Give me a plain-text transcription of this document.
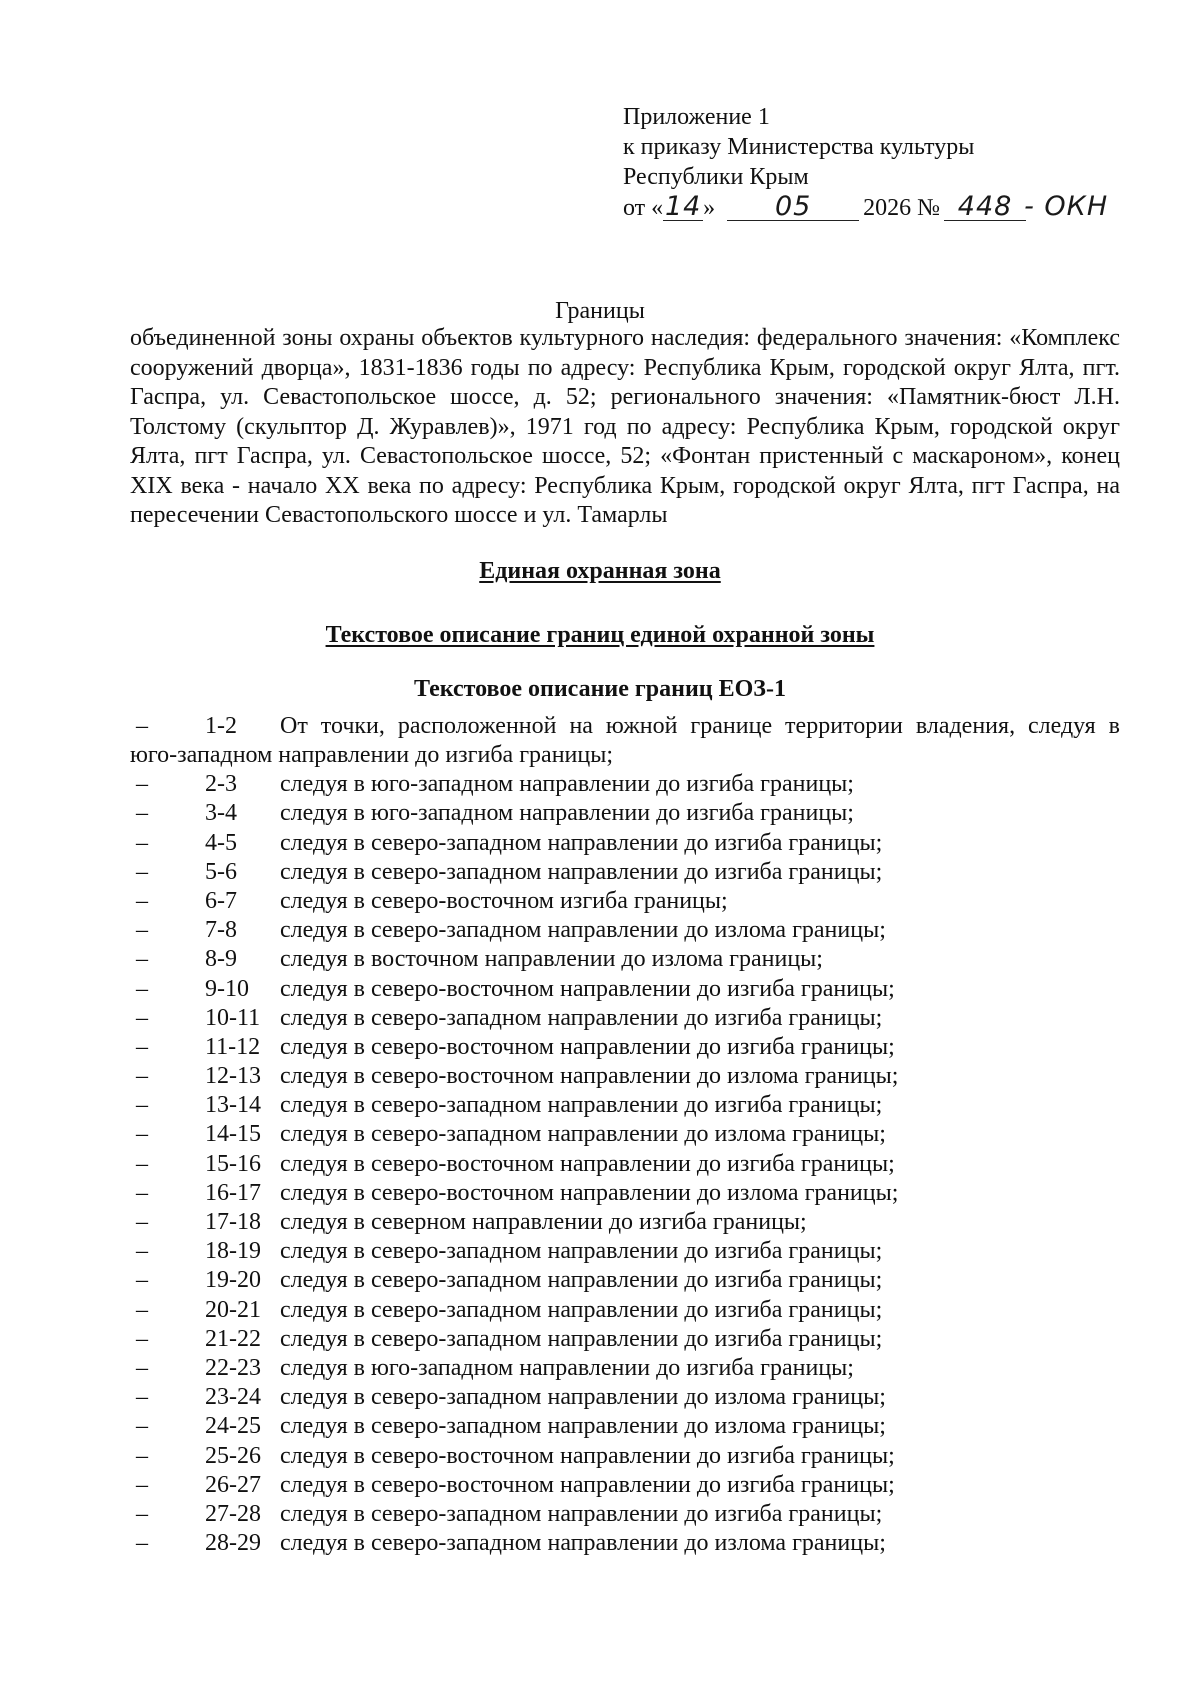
Приложение 1
к приказу Министерства культуры
Республики Крым
от «14» 05 2026 № 448 - ОКН
Границы
объединенной зоны охраны объектов культурного наследия: федерального значения: «Комплекс сооружений дворца», 1831-1836 годы по адресу: Республика Крым, городской округ Ялта, пгт. Гаспра, ул. Севастопольское шоссе, д. 52; регионального значения: «Памятник-бюст Л.Н. Толстому (скульптор Д. Журавлев)», 1971 год по адресу: Республика Крым, городской округ Ялта, пгт Гаспра, ул. Севастопольское шоссе, 52; «Фонтан пристенный с маскароном», конец XIX века - начало XX века по адресу: Республика Крым, городской округ Ялта, пгт Гаспра, на пересечении Севастопольского шоссе и ул. Тамарлы
Единая охранная зона
Текстовое описание границ единой охранной зоны
Текстовое описание границ ЕОЗ-1
– 1-2 От точки, расположенной на южной границе территории владения, следуя в
юго-западном направлении до изгиба границы;
– 2-3 следуя в юго-западном направлении до изгиба границы;
– 3-4 следуя в юго-западном направлении до изгиба границы;
– 4-5 следуя в северо-западном направлении до изгиба границы;
– 5-6 следуя в северо-западном направлении до изгиба границы;
– 6-7 следуя в северо-восточном изгиба границы;
– 7-8 следуя в северо-западном направлении до излома границы;
– 8-9 следуя в восточном направлении до излома границы;
– 9-10 следуя в северо-восточном направлении до изгиба границы;
– 10-11 следуя в северо-западном направлении до изгиба границы;
– 11-12 следуя в северо-восточном направлении до изгиба границы;
– 12-13 следуя в северо-восточном направлении до излома границы;
– 13-14 следуя в северо-западном направлении до изгиба границы;
– 14-15 следуя в северо-западном направлении до излома границы;
– 15-16 следуя в северо-восточном направлении до изгиба границы;
– 16-17 следуя в северо-восточном направлении до излома границы;
– 17-18 следуя в северном направлении до изгиба границы;
– 18-19 следуя в северо-западном направлении до изгиба границы;
– 19-20 следуя в северо-западном направлении до изгиба границы;
– 20-21 следуя в северо-западном направлении до изгиба границы;
– 21-22 следуя в северо-западном направлении до изгиба границы;
– 22-23 следуя в юго-западном направлении до изгиба границы;
– 23-24 следуя в северо-западном направлении до излома границы;
– 24-25 следуя в северо-западном направлении до излома границы;
– 25-26 следуя в северо-восточном направлении до изгиба границы;
– 26-27 следуя в северо-восточном направлении до изгиба границы;
– 27-28 следуя в северо-западном направлении до изгиба границы;
– 28-29 следуя в северо-западном направлении до излома границы;
